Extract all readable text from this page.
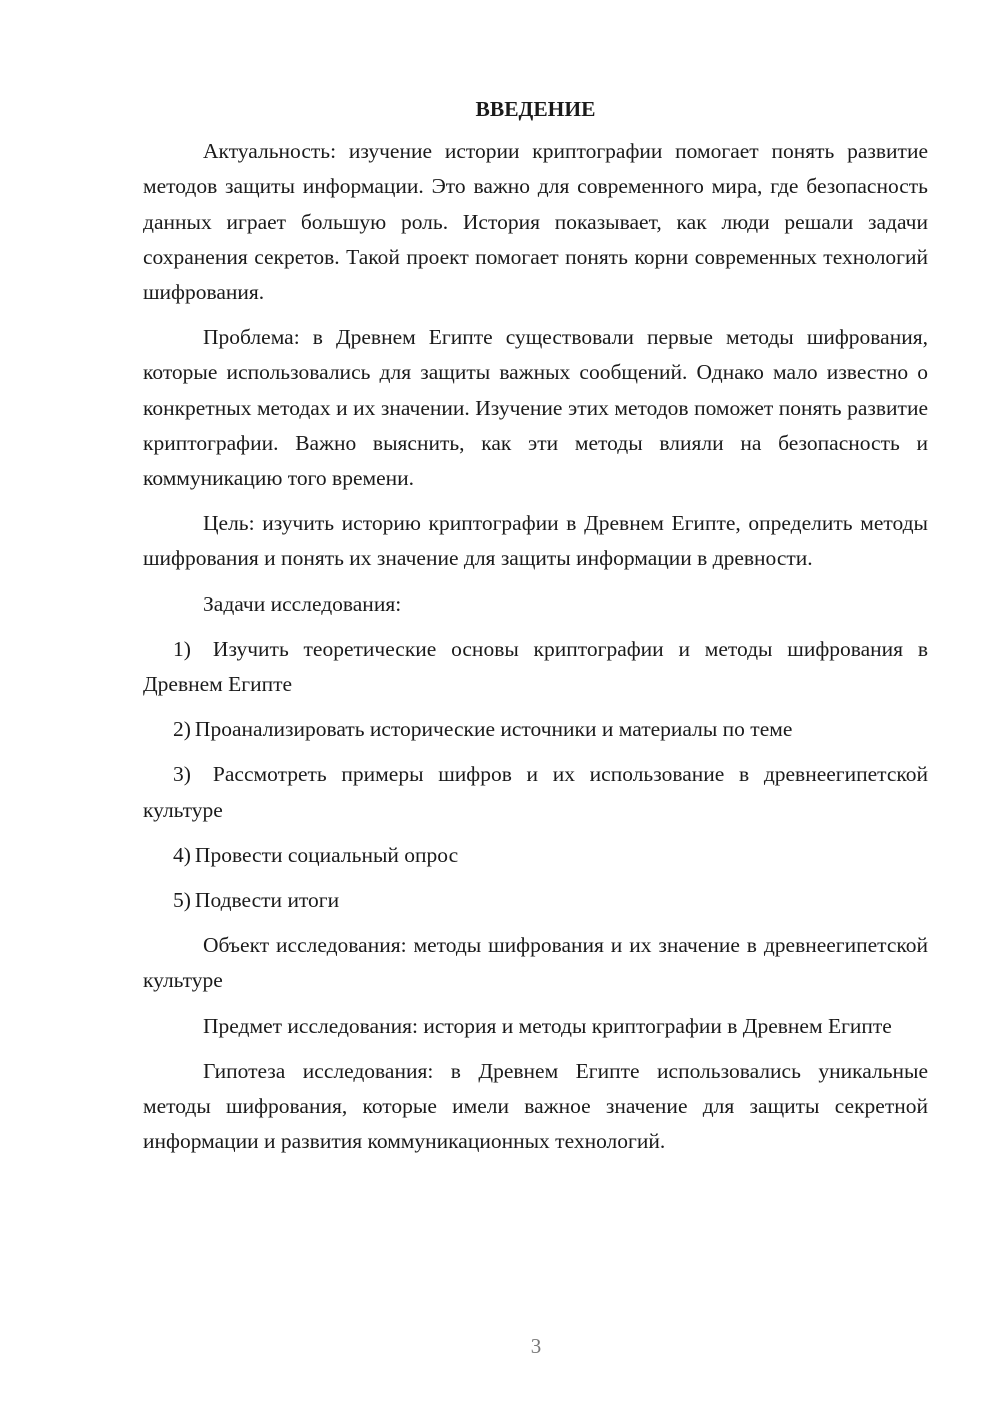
ВВЕДЕНИЕ

Актуальность: изучение истории криптографии помогает понять развитие методов защиты информации. Это важно для современного мира, где безопасность данных играет большую роль. История показывает, как люди решали задачи сохранения секретов. Такой проект помогает понять корни современных технологий шифрования.

Проблема: в Древнем Египте существовали первые методы шифрования, которые использовались для защиты важных сообщений. Однако мало известно о конкретных методах и их значении. Изучение этих методов поможет понять развитие криптографии. Важно выяснить, как эти методы влияли на безопасность и коммуникацию того времени.

Цель: изучить историю криптографии в Древнем Египте, определить методы шифрования и понять их значение для защиты информации в древности.

Задачи исследования:

1) Изучить теоретические основы криптографии и методы шифрования в Древнем Египте
2) Проанализировать исторические источники и материалы по теме
3) Рассмотреть примеры шифров и их использование в древнеегипетской культуре
4) Провести социальный опрос
5) Подвести итоги

Объект исследования: методы шифрования и их значение в древнеегипетской культуре

Предмет исследования: история и методы криптографии в Древнем Египте

Гипотеза исследования: в Древнем Египте использовались уникальные методы шифрования, которые имели важное значение для защиты секретной информации и развития коммуникационных технологий.

3
